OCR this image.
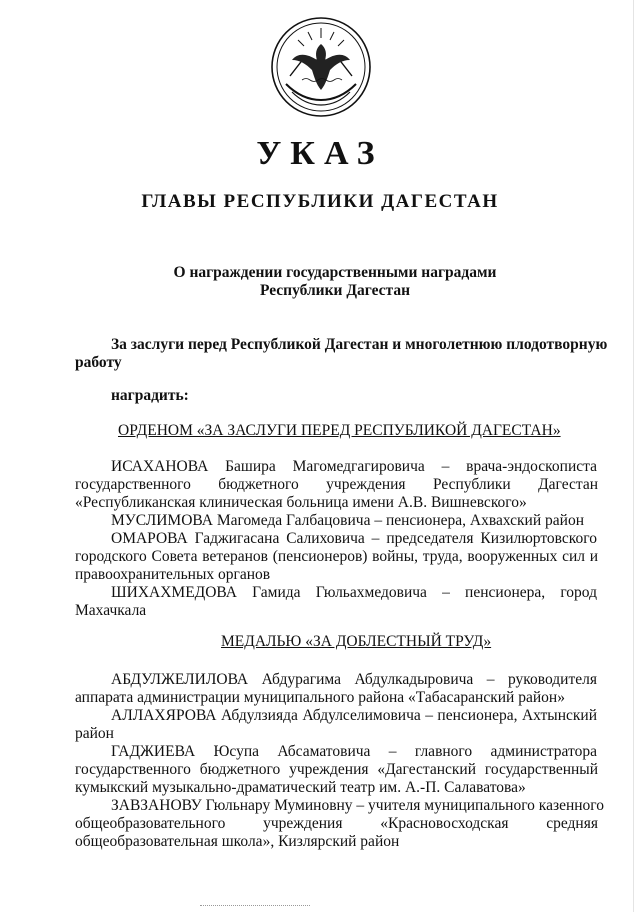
УКАЗ
ГЛАВЫ РЕСПУБЛИКИ ДАГЕСТАН
О награждении государственными наградами
Республики Дагестан
За заслуги перед Республикой Дагестан и многолетнюю плодотворную
работу
наградить:
ОРДЕНОМ «ЗА ЗАСЛУГИ ПЕРЕД РЕСПУБЛИКОЙ ДАГЕСТАН»
ИСАХАНОВА Башира Магомедгагировича – врача-эндоскописта
государственного бюджетного учреждения Республики Дагестан
«Республиканская клиническая больница имени А.В. Вишневского»
МУСЛИМОВА Магомеда Галбацовича – пенсионера, Ахвахский район
ОМАРОВА Гаджигасана Салиховича – председателя Кизилюртовского
городского Совета ветеранов (пенсионеров) войны, труда, вооруженных сил и
правоохранительных органов
ШИХАХМЕДОВА Гамида Гюльахмедовича – пенсионера, город
Махачкала
МЕДАЛЬЮ «ЗА ДОБЛЕСТНЫЙ ТРУД»
АБДУЛЖЕЛИЛОВА Абдурагима Абдулкадыровича – руководителя
аппарата администрации муниципального района «Табасаранский район»
АЛЛАХЯРОВА Абдулзияда Абдулселимовича – пенсионера, Ахтынский
район
ГАДЖИЕВА Юсупа Абсаматовича – главного администратора
государственного бюджетного учреждения «Дагестанский государственный
кумыкский музыкально-драматический театр им. А.-П. Салаватова»
ЗАВЗАНОВУ Гюльнару Муминовну – учителя муниципального казенного
общеобразовательного учреждения «Красновосходская средняя
общеобразовательная школа», Кизлярский район
